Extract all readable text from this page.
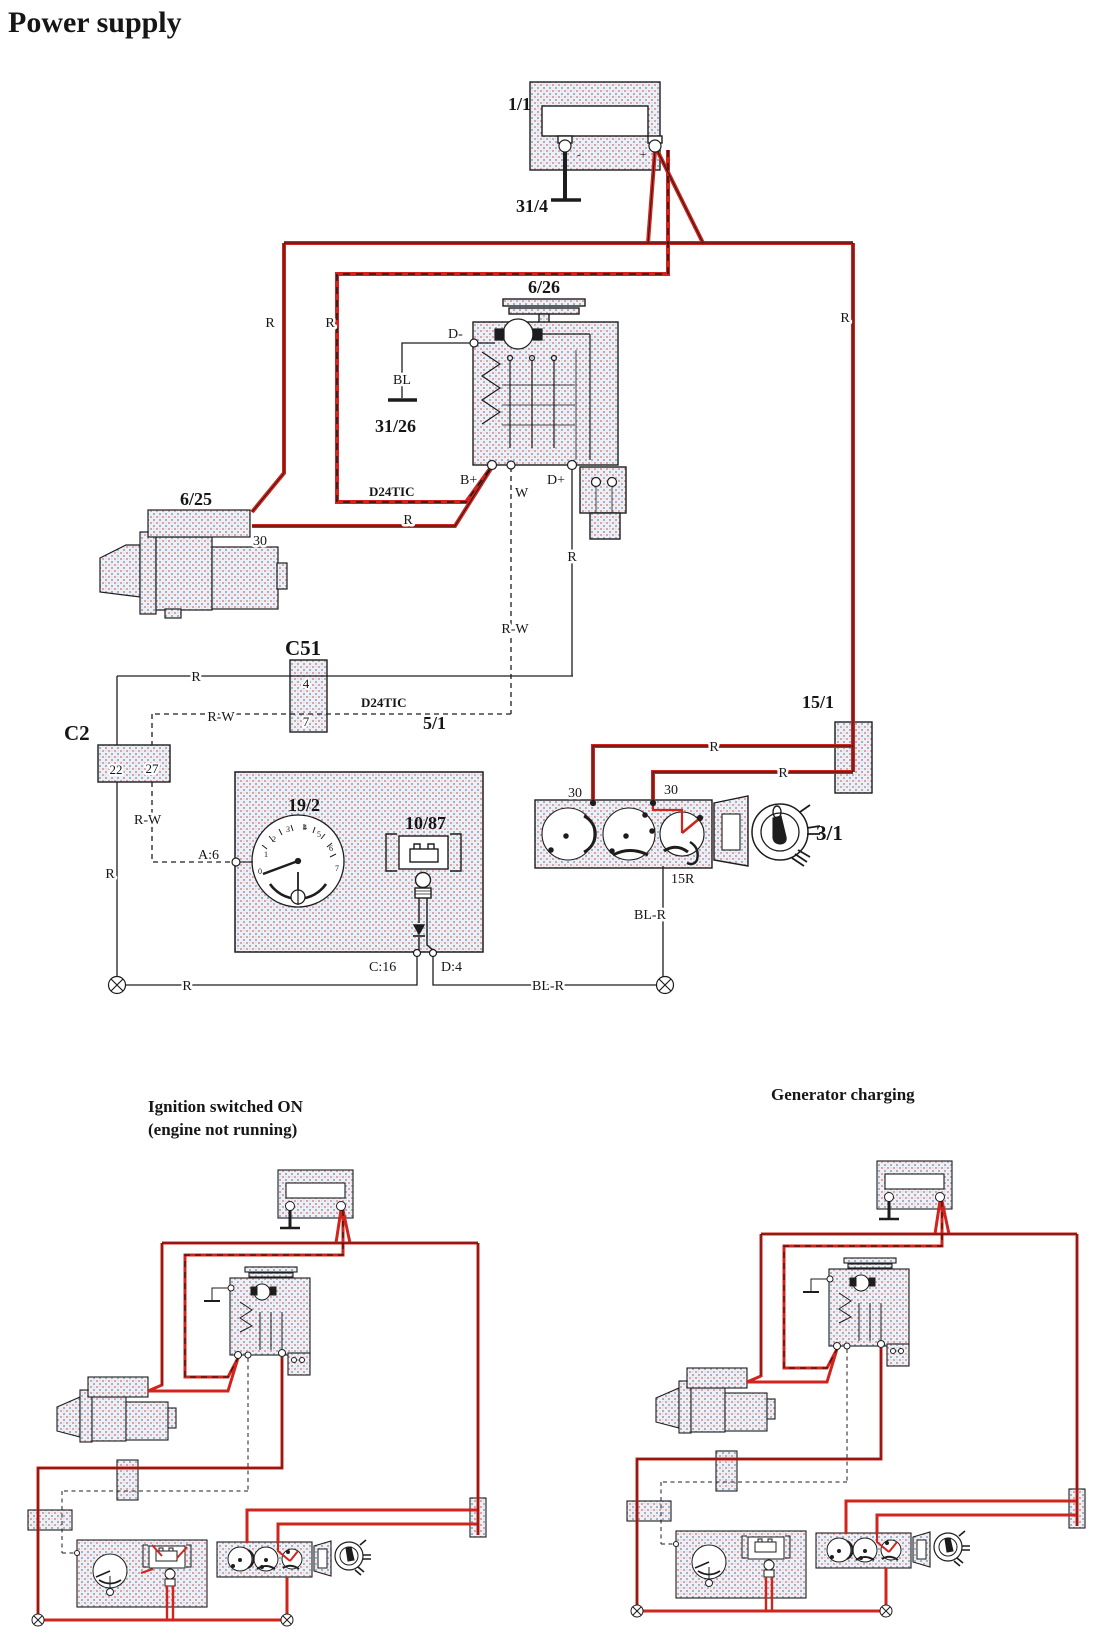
Power supply
1/1
31/4
-	+
6/26
D-
BL
31/26
B+
W
D+
6/25
30
R
D24TIC
R	R	R
R-W
R
C51
4
7
R
D24TIC
R-W
C2
22 27
R-W
A:6
R
5/1
19/2
10/87
0
1
2
3 4
5
6
7
C:16	D:4
R	BL-R
30	30
15R
BL-R
15/1
R
R
3/1
Ignition switched ON
(engine not running)
Generator charging
